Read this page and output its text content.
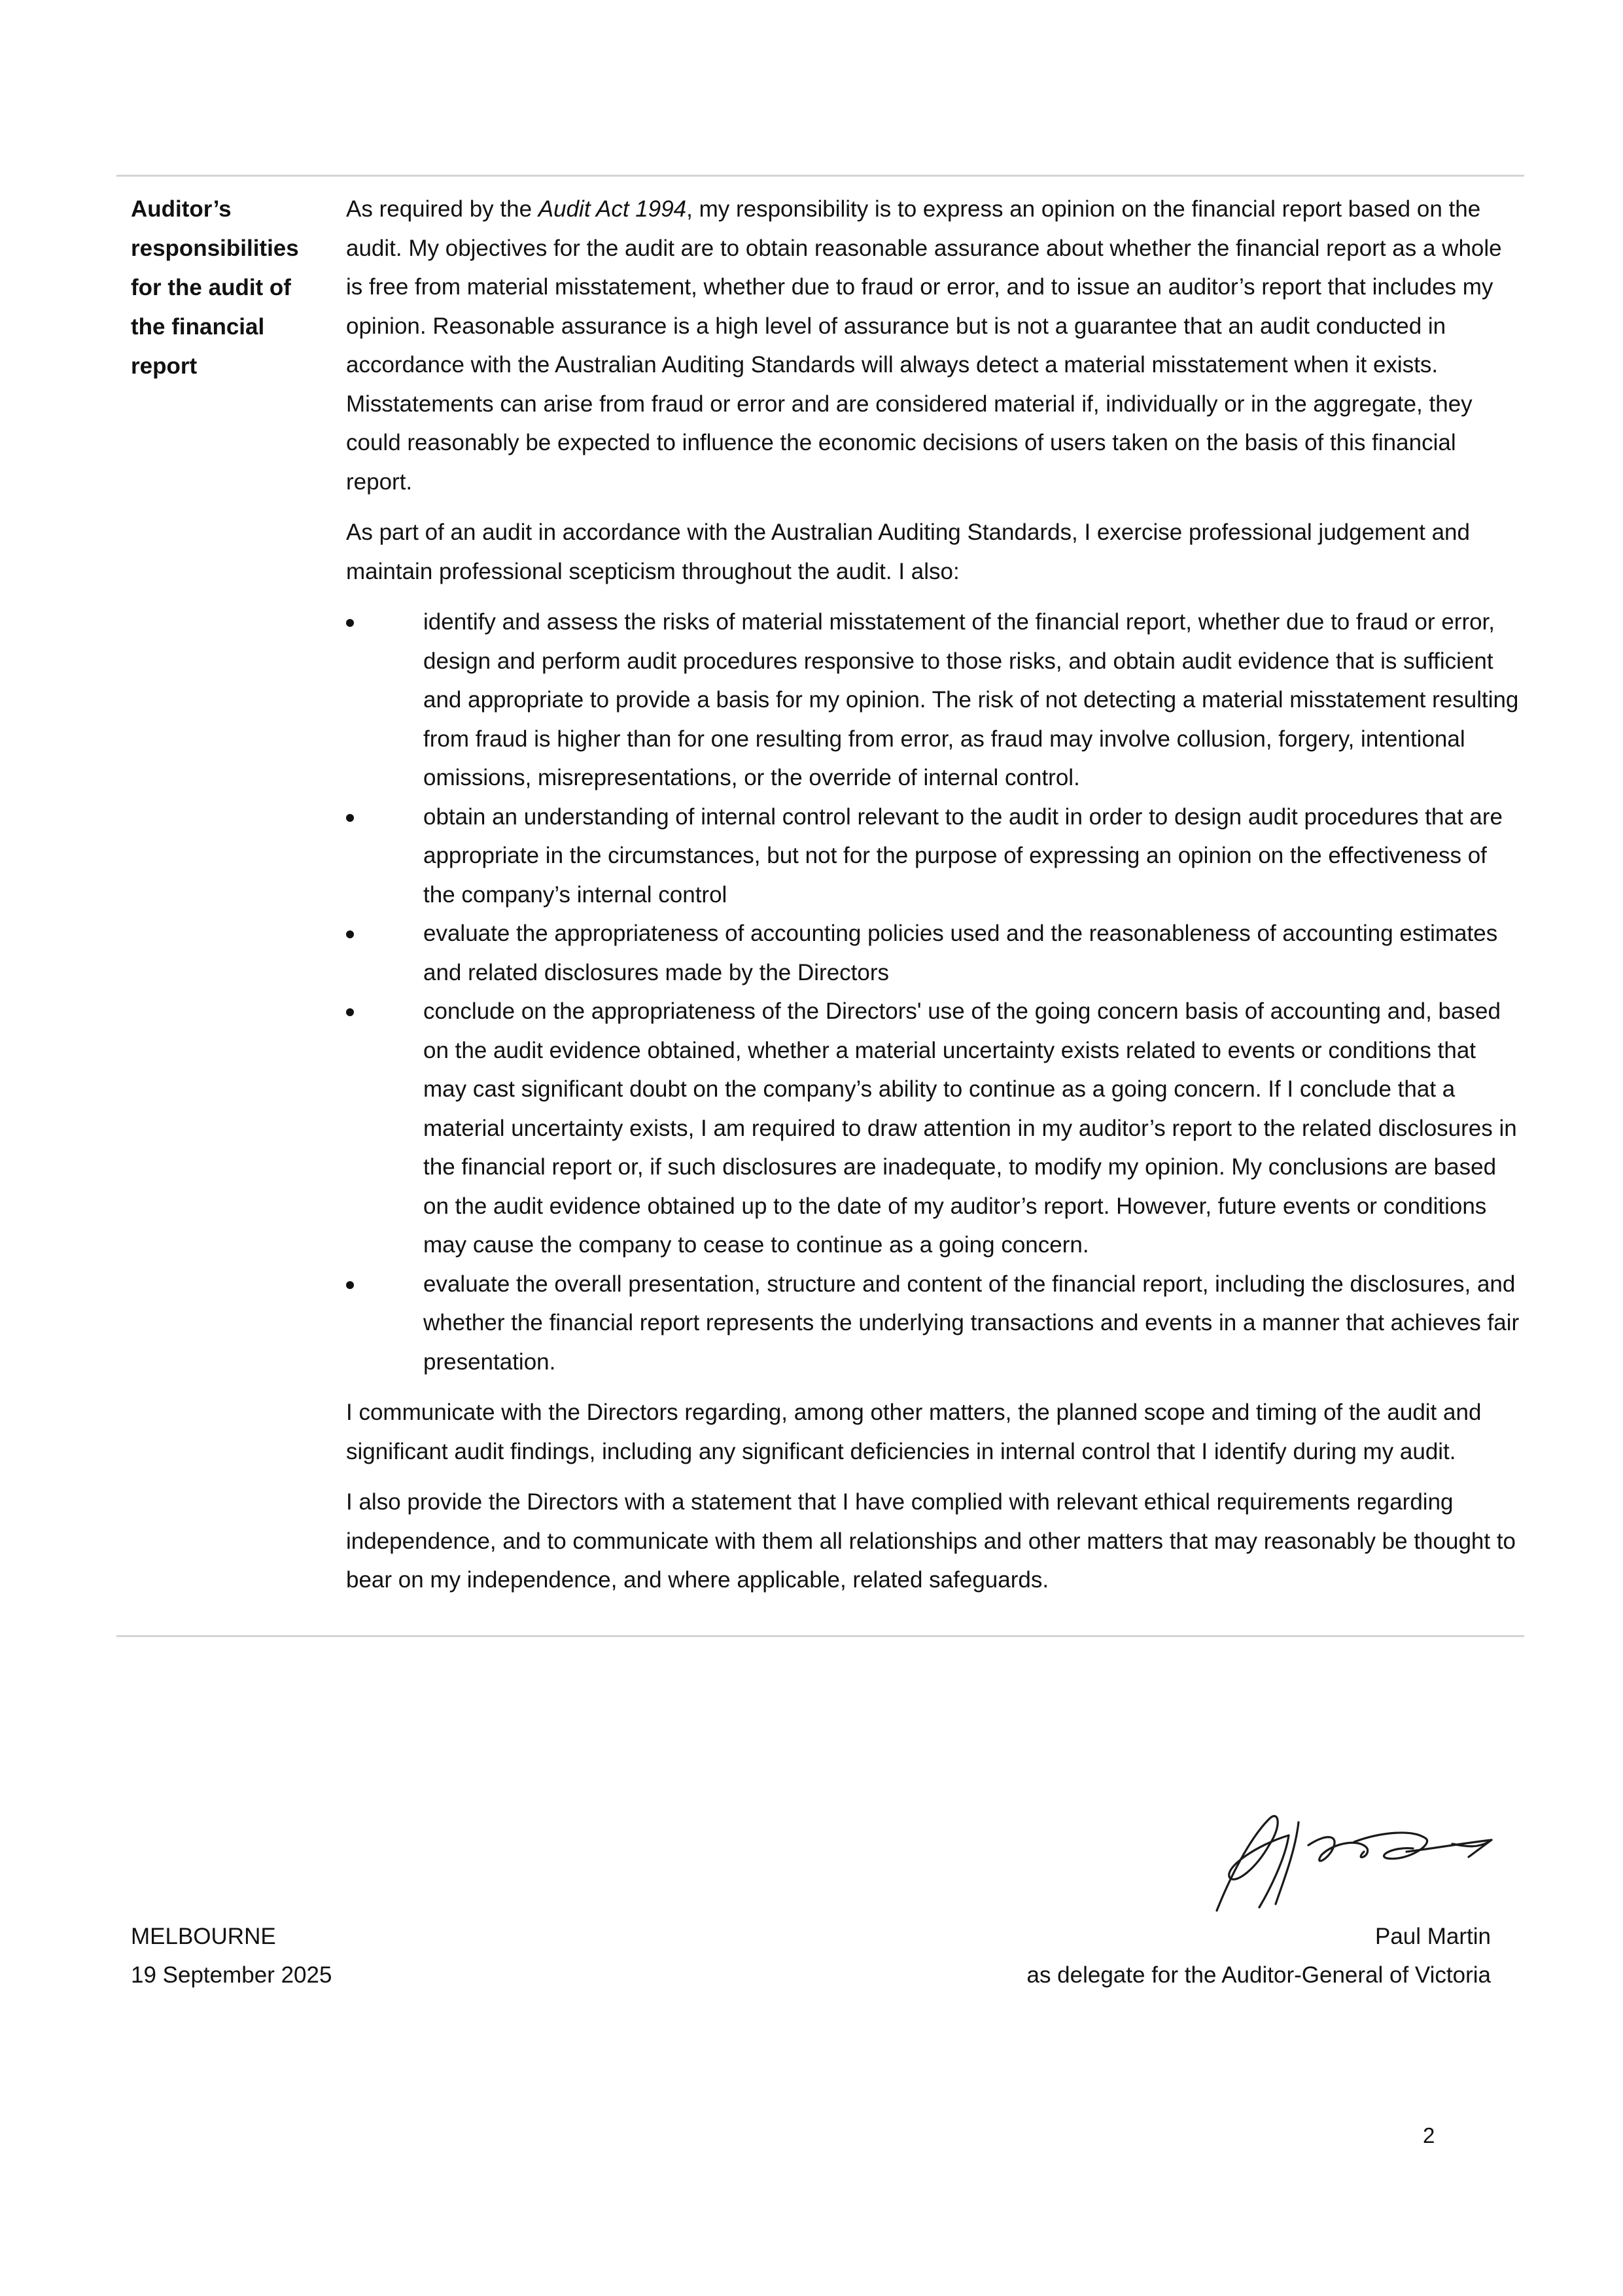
Auditor’s
responsibilities
for the audit of
the financial
report

As required by the Audit Act 1994, my responsibility is to express an opinion on the financial report based on the audit. My objectives for the audit are to obtain reasonable assurance about whether the financial report as a whole is free from material misstatement, whether due to fraud or error, and to issue an auditor’s report that includes my opinion. Reasonable assurance is a high level of assurance but is not a guarantee that an audit conducted in accordance with the Australian Auditing Standards will always detect a material misstatement when it exists. Misstatements can arise from fraud or error and are considered material if, individually or in the aggregate, they could reasonably be expected to influence the economic decisions of users taken on the basis of this financial report.

As part of an audit in accordance with the Australian Auditing Standards, I exercise professional judgement and maintain professional scepticism throughout the audit. I also:

identify and assess the risks of material misstatement of the financial report, whether due to fraud or error, design and perform audit procedures responsive to those risks, and obtain audit evidence that is sufficient and appropriate to provide a basis for my opinion. The risk of not detecting a material misstatement resulting from fraud is higher than for one resulting from error, as fraud may involve collusion, forgery, intentional omissions, misrepresentations, or the override of internal control.
obtain an understanding of internal control relevant to the audit in order to design audit procedures that are appropriate in the circumstances, but not for the purpose of expressing an opinion on the effectiveness of the company’s internal control
evaluate the appropriateness of accounting policies used and the reasonableness of accounting estimates and related disclosures made by the Directors
conclude on the appropriateness of the Directors' use of the going concern basis of accounting and, based on the audit evidence obtained, whether a material uncertainty exists related to events or conditions that may cast significant doubt on the company’s ability to continue as a going concern. If I conclude that a material uncertainty exists, I am required to draw attention in my auditor’s report to the related disclosures in the financial report or, if such disclosures are inadequate, to modify my opinion. My conclusions are based on the audit evidence obtained up to the date of my auditor’s report. However, future events or conditions may cause the company to cease to continue as a going concern.
evaluate the overall presentation, structure and content of the financial report, including the disclosures, and whether the financial report represents the underlying transactions and events in a manner that achieves fair presentation.

I communicate with the Directors regarding, among other matters, the planned scope and timing of the audit and significant audit findings, including any significant deficiencies in internal control that I identify during my audit.

I also provide the Directors with a statement that I have complied with relevant ethical requirements regarding independence, and to communicate with them all relationships and other matters that may reasonably be thought to bear on my independence, and where applicable, related safeguards.

MELBOURNE
19 September 2025
Paul Martin
as delegate for the Auditor-General of Victoria
2
